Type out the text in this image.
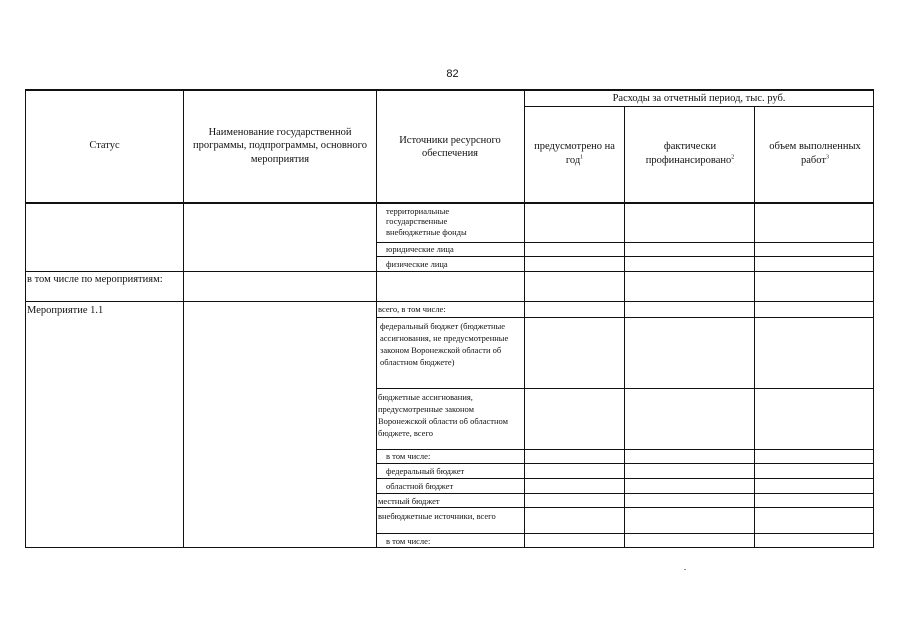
82
Статус
Наименование государственной программы, подпрограммы, основного мероприятия
Источники ресурсного обеспечения
Расходы за отчетный период, тыс. руб.
предусмотрено на год$^1$
фактически профинансировано$^2$
объем выполненных работ$^3$
территориальные государственные внебюджетные фонды
юридические лица
физические лица
в том числе по мероприятиям:
Мероприятие 1.1	всего, в том числе:
федеральный бюджет (бюджетные ассигнования, не предусмотренные законом Воронежской области об областном бюджете)
бюджетные ассигнования, предусмотренные законом Воронежской области об областном бюджете, всего
в том числе:
федеральный бюджет
областной бюджет
местный бюджет
внебюджетные источники, всего
в том числе:
